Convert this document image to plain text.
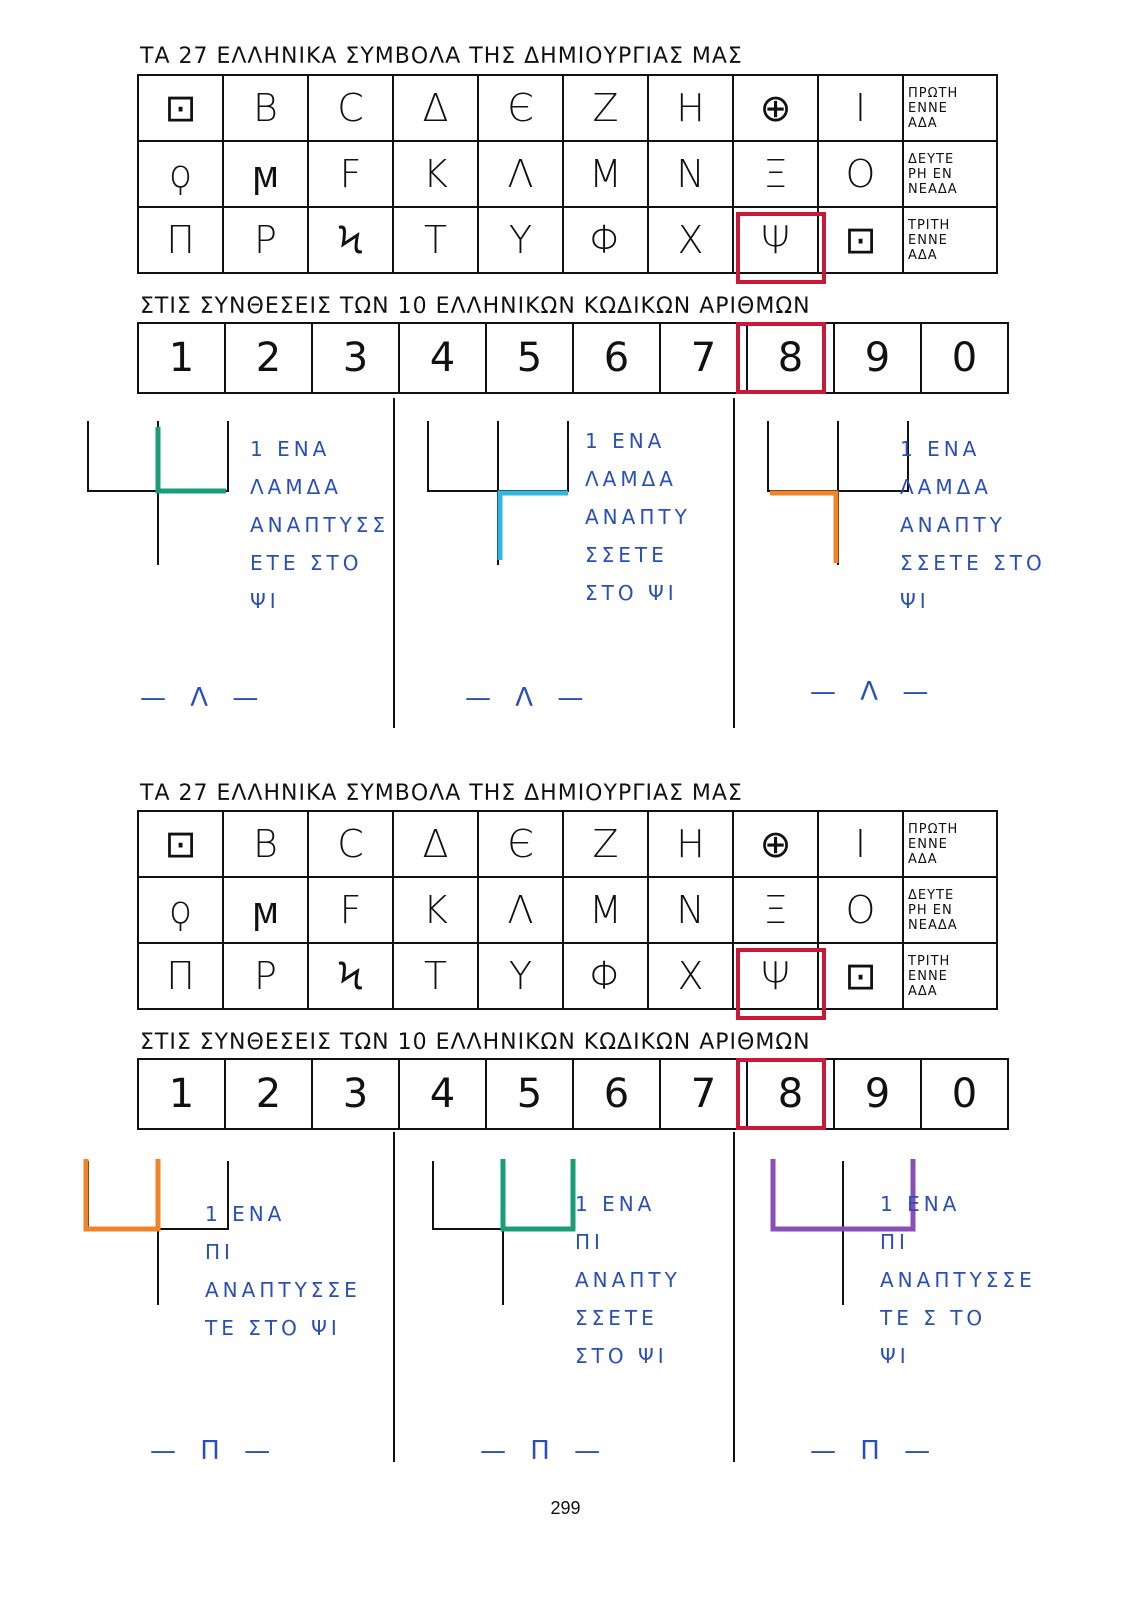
ΤΑ 27 ΕΛΛΗΝΙΚΑ ΣΥΜΒΟΛΑ ΤΗΣ ΔΗΜΙΟΥΡΓΙΑΣ ΜΑΣ
⊡	B	C	Δ	Є	Z	H	⊕	I	ΠΡΩΤΗ
ΕΝΝΕ
ΑΔΑ
ϙ	ϻ	F	K	Λ	M	N	Ξ	O	ΔΕΥΤΕ
ΡΗ ΕΝ
ΝΕΑΔΑ
Π	P	Ϟ	T	Y	Φ	X	Ψ	⊡	ΤΡΙΤΗ
ΕΝΝΕ
ΑΔΑ
ΣΤΙΣ ΣΥΝΘΕΣΕΙΣ ΤΩΝ 10 ΕΛΛΗΝΙΚΩΝ ΚΩΔΙΚΩΝ ΑΡΙΘΜΩΝ
1	2	3	4	5	6	7	8	9	0
1 ΕΝΑ
ΛΑΜΔΑ
ΑΝΑΠΤΥΣΣ
ΕΤΕ ΣΤΟ
ΨΙ
— Λ —
1 ΕΝΑ
ΛΑΜΔΑ
ΑΝΑΠΤΥ
ΣΣΕΤΕ
ΣΤΟ ΨΙ
— Λ —
1 ΕΝΑ
ΛΑΜΔΑ
ΑΝΑΠΤΥ
ΣΣΕΤΕ ΣΤΟ
ΨΙ
— Λ —
ΤΑ 27 ΕΛΛΗΝΙΚΑ ΣΥΜΒΟΛΑ ΤΗΣ ΔΗΜΙΟΥΡΓΙΑΣ ΜΑΣ
⊡	B	C	Δ	Є	Z	H	⊕	I	ΠΡΩΤΗ
ΕΝΝΕ
ΑΔΑ
ϙ	ϻ	F	K	Λ	M	N	Ξ	O	ΔΕΥΤΕ
ΡΗ ΕΝ
ΝΕΑΔΑ
Π	P	Ϟ	T	Y	Φ	X	Ψ	⊡	ΤΡΙΤΗ
ΕΝΝΕ
ΑΔΑ
ΣΤΙΣ ΣΥΝΘΕΣΕΙΣ ΤΩΝ 10 ΕΛΛΗΝΙΚΩΝ ΚΩΔΙΚΩΝ ΑΡΙΘΜΩΝ
1	2	3	4	5	6	7	8	9	0
1 ΕΝΑ
ΠΙ
ΑΝΑΠΤΥΣΣΕ
ΤΕ ΣΤΟ ΨΙ
— Π —
1 ΕΝΑ
ΠΙ
ΑΝΑΠΤΥ
ΣΣΕΤΕ
ΣΤΟ ΨΙ
— Π —
1 ΕΝΑ
ΠΙ
ΑΝΑΠΤΥΣΣΕ
ΤΕ Σ ΤΟ
ΨΙ
— Π —
299
